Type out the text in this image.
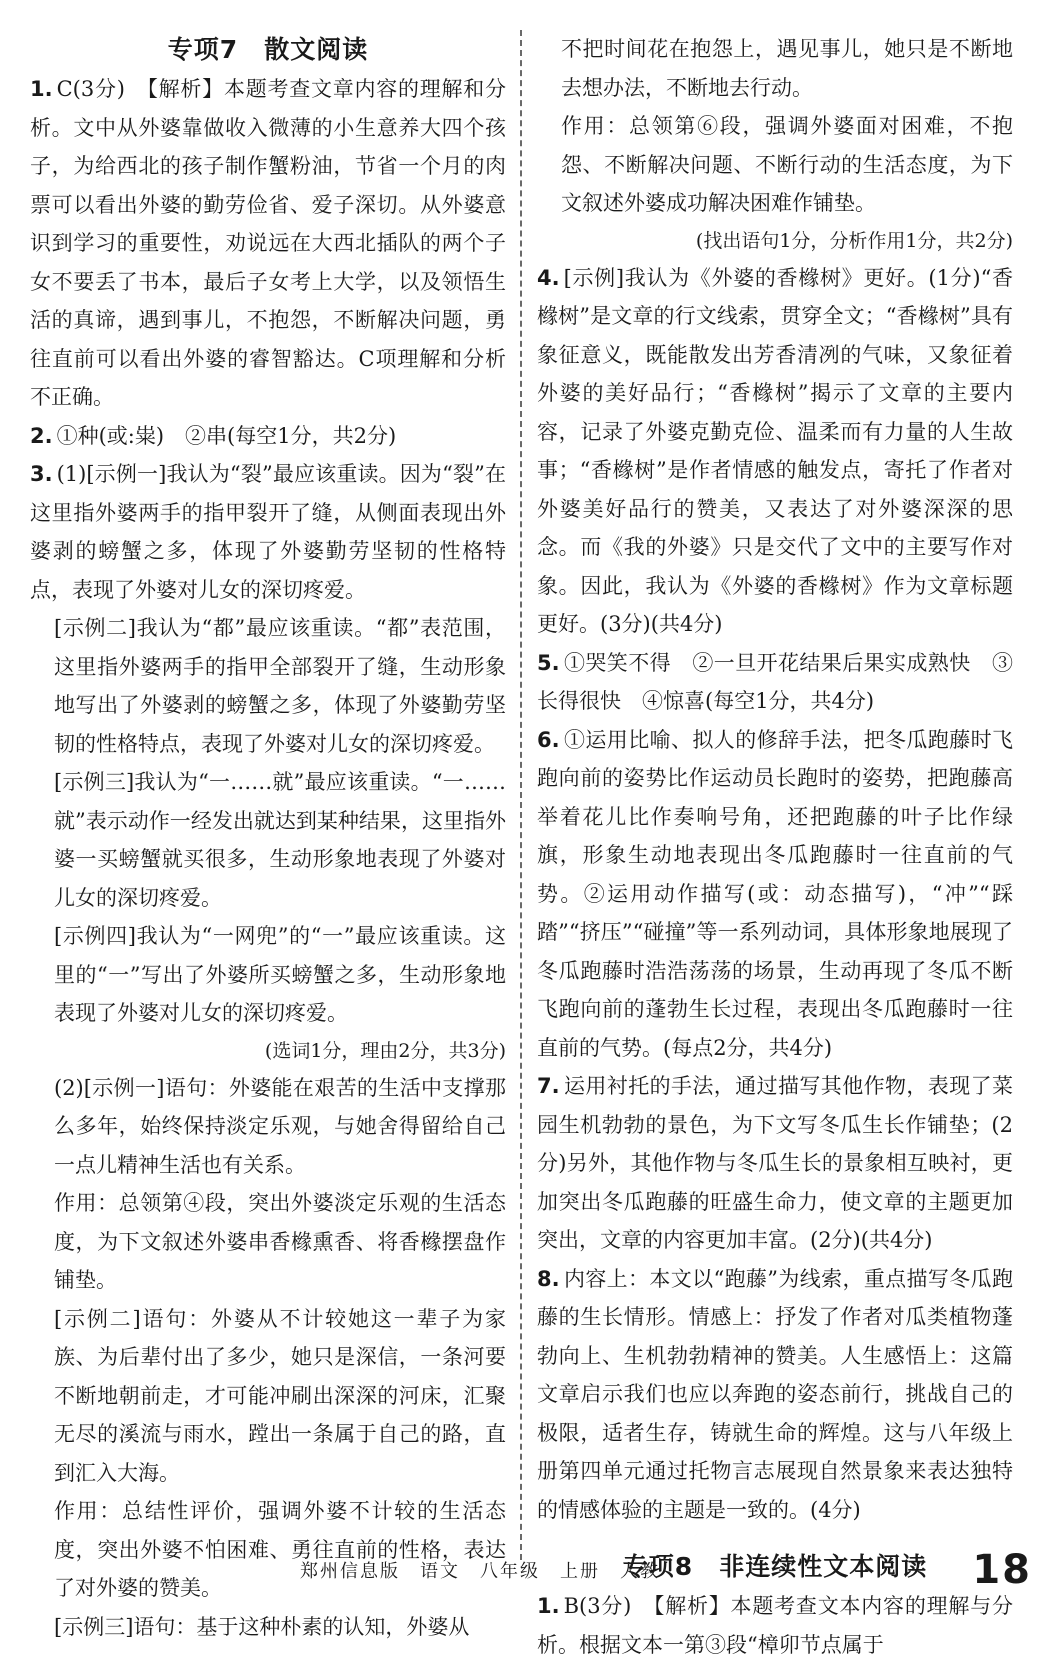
专项7　散文阅读
1. C(3分)　【解析】本题考查文章内容的理解和分析。文中从外婆靠做收入微薄的小生意养大四个孩子，为给西北的孩子制作蟹粉油，节省一个月的肉票可以看出外婆的勤劳俭省、爱子深切。从外婆意识到学习的重要性，劝说远在大西北插队的两个子女不要丢了书本，最后子女考上大学，以及领悟生活的真谛，遇到事儿，不抱怨，不断解决问题，勇往直前可以看出外婆的睿智豁达。C项理解和分析不正确。
2. ①种(或:粜)　②串(每空1分，共2分)
3. (1)[示例一]我认为“裂”最应该重读。因为“裂”在这里指外婆两手的指甲裂开了缝，从侧面表现出外婆剥的螃蟹之多，体现了外婆勤劳坚韧的性格特点，表现了外婆对儿女的深切疼爱。
[示例二]我认为“都”最应该重读。“都”表范围，这里指外婆两手的指甲全部裂开了缝，生动形象地写出了外婆剥的螃蟹之多，体现了外婆勤劳坚韧的性格特点，表现了外婆对儿女的深切疼爱。
[示例三]我认为“一……就”最应该重读。“一……就”表示动作一经发出就达到某种结果，这里指外婆一买螃蟹就买很多，生动形象地表现了外婆对儿女的深切疼爱。
[示例四]我认为“一网兜”的“一”最应该重读。这里的“一”写出了外婆所买螃蟹之多，生动形象地表现了外婆对儿女的深切疼爱。
(选词1分，理由2分，共3分)
(2)[示例一]语句：外婆能在艰苦的生活中支撑那么多年，始终保持淡定乐观，与她舍得留给自己一点儿精神生活也有关系。
作用：总领第④段，突出外婆淡定乐观的生活态度，为下文叙述外婆串香橼熏香、将香橼摆盘作铺垫。
[示例二]语句：外婆从不计较她这一辈子为家族、为后辈付出了多少，她只是深信，一条河要不断地朝前走，才可能冲刷出深深的河床，汇聚无尽的溪流与雨水，蹚出一条属于自己的路，直到汇入大海。
作用：总结性评价，强调外婆不计较的生活态度，突出外婆不怕困难、勇往直前的性格，表达了对外婆的赞美。
[示例三]语句：基于这种朴素的认知，外婆从
不把时间花在抱怨上，遇见事儿，她只是不断地去想办法，不断地去行动。
作用：总领第⑥段，强调外婆面对困难，不抱怨、不断解决问题、不断行动的生活态度，为下文叙述外婆成功解决困难作铺垫。
(找出语句1分，分析作用1分，共2分)
4. [示例]我认为《外婆的香橼树》更好。(1分)“香橼树”是文章的行文线索，贯穿全文；“香橼树”具有象征意义，既能散发出芳香清冽的气味，又象征着外婆的美好品行；“香橼树”揭示了文章的主要内容，记录了外婆克勤克俭、温柔而有力量的人生故事；“香橼树”是作者情感的触发点，寄托了作者对外婆美好品行的赞美，又表达了对外婆深深的思念。而《我的外婆》只是交代了文中的主要写作对象。因此，我认为《外婆的香橼树》作为文章标题更好。(3分)(共4分)
5. ①哭笑不得　②一旦开花结果后果实成熟快　③长得很快　④惊喜(每空1分，共4分)
6. ①运用比喻、拟人的修辞手法，把冬瓜跑藤时飞跑向前的姿势比作运动员长跑时的姿势，把跑藤高举着花儿比作奏响号角，还把跑藤的叶子比作绿旗，形象生动地表现出冬瓜跑藤时一往直前的气势。②运用动作描写(或：动态描写)，“冲”“踩踏”“挤压”“碰撞”等一系列动词，具体形象地展现了冬瓜跑藤时浩浩荡荡的场景，生动再现了冬瓜不断飞跑向前的蓬勃生长过程，表现出冬瓜跑藤时一往直前的气势。(每点2分，共4分)
7. 运用衬托的手法，通过描写其他作物，表现了菜园生机勃勃的景色，为下文写冬瓜生长作铺垫；(2分)另外，其他作物与冬瓜生长的景象相互映衬，更加突出冬瓜跑藤的旺盛生命力，使文章的主题更加突出，文章的内容更加丰富。(2分)(共4分)
8. 内容上：本文以“跑藤”为线索，重点描写冬瓜跑藤的生长情形。情感上：抒发了作者对瓜类植物蓬勃向上、生机勃勃精神的赞美。人生感悟上：这篇文章启示我们也应以奔跑的姿态前行，挑战自己的极限，适者生存，铸就生命的辉煌。这与八年级上册第四单元通过托物言志展现自然景象来表达独特的情感体验的主题是一致的。(4分)
专项8　非连续性文本阅读
1. B(3分)　【解析】本题考查文本内容的理解与分析。根据文本一第③段“樟卯节点属于
郑州信息版　语文　八年级　上册　人教	18
